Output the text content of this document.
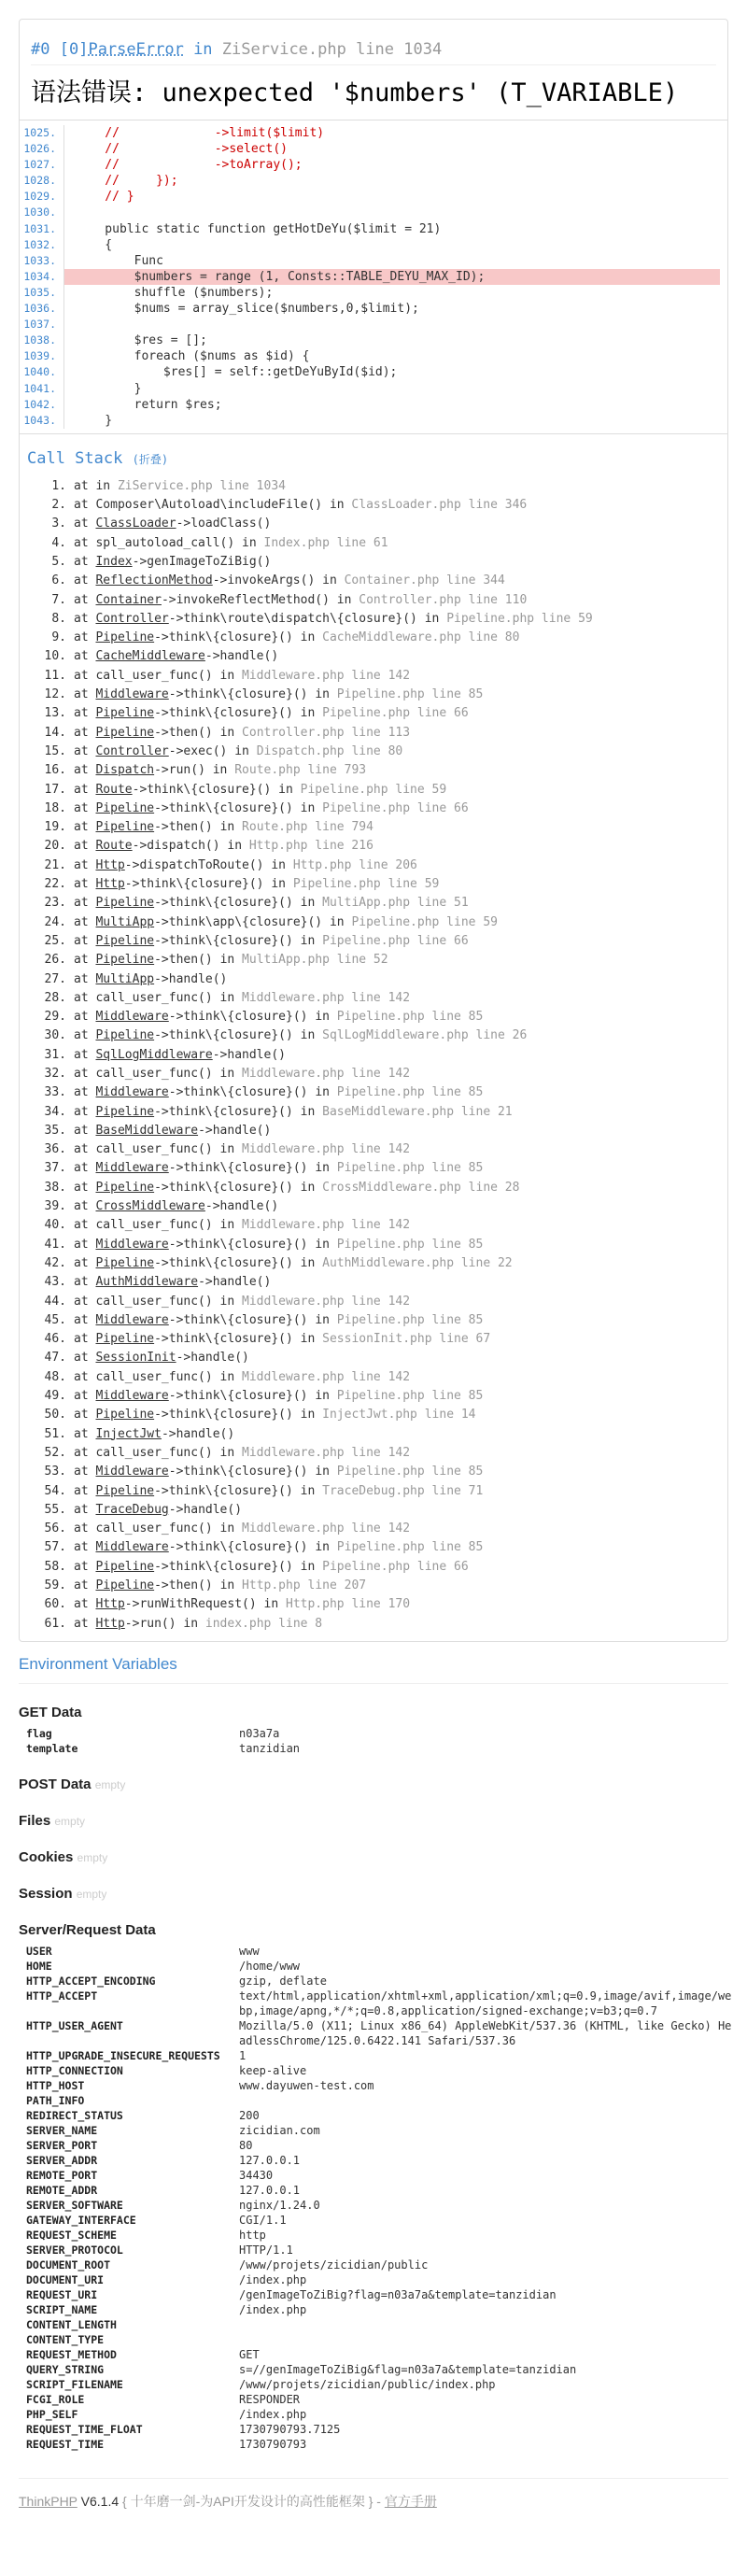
#0 [0]ParseError in ZiService.php line 1034
语法错误: unexpected '$numbers' (T_VARIABLE)
1025.	//             ->limit($limit)
1026.	//             ->select()
1027.	//             ->toArray();
1028.	//     });
1029.	// }
1030.
1031.	public static function getHotDeYu($limit = 21)
1032.	{
1033.	Func
1034.	$numbers = range (1, Consts::TABLE_DEYU_MAX_ID);
1035.	shuffle ($numbers);
1036.	$nums = array_slice($numbers,0,$limit);
1037.
1038.	$res = [];
1039.	foreach ($nums as $id) {
1040.	$res[] = self::getDeYuById($id);
1041.	}
1042.	return $res;
1043.	}
Call Stack (折叠)
1. at in ZiService.php line 1034
2. at Composer\Autoload\includeFile() in ClassLoader.php line 346
3. at ClassLoader->loadClass()
4. at spl_autoload_call() in Index.php line 61
5. at Index->genImageToZiBig()
6. at ReflectionMethod->invokeArgs() in Container.php line 344
7. at Container->invokeReflectMethod() in Controller.php line 110
8. at Controller->think\route\dispatch\{closure}() in Pipeline.php line 59
9. at Pipeline->think\{closure}() in CacheMiddleware.php line 80
10. at CacheMiddleware->handle()
11. at call_user_func() in Middleware.php line 142
12. at Middleware->think\{closure}() in Pipeline.php line 85
13. at Pipeline->think\{closure}() in Pipeline.php line 66
14. at Pipeline->then() in Controller.php line 113
15. at Controller->exec() in Dispatch.php line 80
16. at Dispatch->run() in Route.php line 793
17. at Route->think\{closure}() in Pipeline.php line 59
18. at Pipeline->think\{closure}() in Pipeline.php line 66
19. at Pipeline->then() in Route.php line 794
20. at Route->dispatch() in Http.php line 216
21. at Http->dispatchToRoute() in Http.php line 206
22. at Http->think\{closure}() in Pipeline.php line 59
23. at Pipeline->think\{closure}() in MultiApp.php line 51
24. at MultiApp->think\app\{closure}() in Pipeline.php line 59
25. at Pipeline->think\{closure}() in Pipeline.php line 66
26. at Pipeline->then() in MultiApp.php line 52
27. at MultiApp->handle()
28. at call_user_func() in Middleware.php line 142
29. at Middleware->think\{closure}() in Pipeline.php line 85
30. at Pipeline->think\{closure}() in SqlLogMiddleware.php line 26
31. at SqlLogMiddleware->handle()
32. at call_user_func() in Middleware.php line 142
33. at Middleware->think\{closure}() in Pipeline.php line 85
34. at Pipeline->think\{closure}() in BaseMiddleware.php line 21
35. at BaseMiddleware->handle()
36. at call_user_func() in Middleware.php line 142
37. at Middleware->think\{closure}() in Pipeline.php line 85
38. at Pipeline->think\{closure}() in CrossMiddleware.php line 28
39. at CrossMiddleware->handle()
40. at call_user_func() in Middleware.php line 142
41. at Middleware->think\{closure}() in Pipeline.php line 85
42. at Pipeline->think\{closure}() in AuthMiddleware.php line 22
43. at AuthMiddleware->handle()
44. at call_user_func() in Middleware.php line 142
45. at Middleware->think\{closure}() in Pipeline.php line 85
46. at Pipeline->think\{closure}() in SessionInit.php line 67
47. at SessionInit->handle()
48. at call_user_func() in Middleware.php line 142
49. at Middleware->think\{closure}() in Pipeline.php line 85
50. at Pipeline->think\{closure}() in InjectJwt.php line 14
51. at InjectJwt->handle()
52. at call_user_func() in Middleware.php line 142
53. at Middleware->think\{closure}() in Pipeline.php line 85
54. at Pipeline->think\{closure}() in TraceDebug.php line 71
55. at TraceDebug->handle()
56. at call_user_func() in Middleware.php line 142
57. at Middleware->think\{closure}() in Pipeline.php line 85
58. at Pipeline->think\{closure}() in Pipeline.php line 66
59. at Pipeline->then() in Http.php line 207
60. at Http->runWithRequest() in Http.php line 170
61. at Http->run() in index.php line 8
Environment Variables
GET Data
flag	n03a7a
template	tanzidian
POST Data empty
Files empty
Cookies empty
Session empty
Server/Request Data
USER	www
HOME	/home/www
HTTP_ACCEPT_ENCODING	gzip, deflate
HTTP_ACCEPT	text/html,application/xhtml+xml,application/xml;q=0.9,image/avif,image/webp,image/apng,*/*;q=0.8,application/signed-exchange;v=b3;q=0.7
HTTP_USER_AGENT	Mozilla/5.0 (X11; Linux x86_64) AppleWebKit/537.36 (KHTML, like Gecko) HeadlessChrome/125.0.6422.141 Safari/537.36
HTTP_UPGRADE_INSECURE_REQUESTS	1
HTTP_CONNECTION	keep-alive
HTTP_HOST	www.dayuwen-test.com
PATH_INFO
REDIRECT_STATUS	200
SERVER_NAME	zicidian.com
SERVER_PORT	80
SERVER_ADDR	127.0.0.1
REMOTE_PORT	34430
REMOTE_ADDR	127.0.0.1
SERVER_SOFTWARE	nginx/1.24.0
GATEWAY_INTERFACE	CGI/1.1
REQUEST_SCHEME	http
SERVER_PROTOCOL	HTTP/1.1
DOCUMENT_ROOT	/www/projets/zicidian/public
DOCUMENT_URI	/index.php
REQUEST_URI	/genImageToZiBig?flag=n03a7a&template=tanzidian
SCRIPT_NAME	/index.php
CONTENT_LENGTH
CONTENT_TYPE
REQUEST_METHOD	GET
QUERY_STRING	s=//genImageToZiBig&flag=n03a7a&template=tanzidian
SCRIPT_FILENAME	/www/projets/zicidian/public/index.php
FCGI_ROLE	RESPONDER
PHP_SELF	/index.php
REQUEST_TIME_FLOAT	1730790793.7125
REQUEST_TIME	1730790793
ThinkPHP V6.1.4 { 十年磨一剑-为API开发设计的高性能框架 } - 官方手册
